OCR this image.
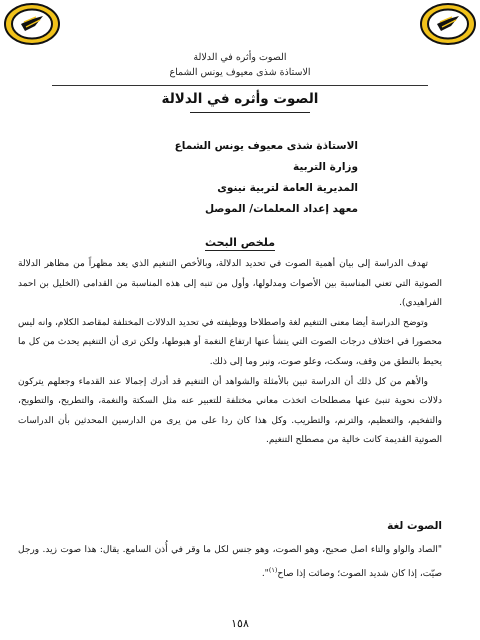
الصوت وأثره في الدلالة
الاستاذة شذى معيوف يونس الشماع
الصوت وأثره في الدلالة
الاستاذة شذى معيوف يونس الشماع
وزارة التربية
المديرية العامة لتربية نينوى
معهد إعداد المعلمات/ الموصل
ملخص البحث

تهدف الدراسة إلى بيان أهمية الصوت في تحديد الدلالة، وبالأخص التنغيم الذي يعد مظهراً من مظاهر الدلالة الصوتية التي تعني المناسبة بين الأصوات ومدلولها، وأول من تنبه إلى هذه المناسبة من القدامى (الخليل بن احمد الفراهيدي).

وتوضح الدراسة أيضا معنى التنغيم لغة واصطلاحا ووظيفته في تحديد الدلالات المختلفة لمقاصد الكلام، وانه ليس محصورا في اختلاف درجات الصوت التي ينشأ عنها ارتفاع النغمة أو هبوطها، ولكن ترى أن التنغيم يحدث من كل ما يحيط بالنطق من وقف، وسكت، وعلو صوت، ونبر وما إلى ذلك.

والأهم من كل ذلك أن الدراسة تبين بالأمثلة والشواهد أن التنغيم قد أدرك إجمالا عند القدماء وجعلهم يتركون دلالات نحوية تنبئ عنها مصطلحات اتخذت معاني مختلفة للتعبير عنه مثل السكتة والنغمة، والتطريح، والتطويح، والتفخيم، والتعظيم، والترنم، والتطريب. وكل هذا كان ردا على من يرى من الدارسين المحدثين بأن الدراسات الصوتية القديمة كانت خالية من مصطلح التنغيم.

الصوت لغة

"الصاد والواو والتاء اصل صحيح، وهو الصوت، وهو جنس لكل ما وقر في أُذن السامع. يقال: هذا صوت زيد. ورجل صيّت، إذا كان شديد الصوت؛ وصائت إذا صاح$^{(١)}$".

١٥٨
